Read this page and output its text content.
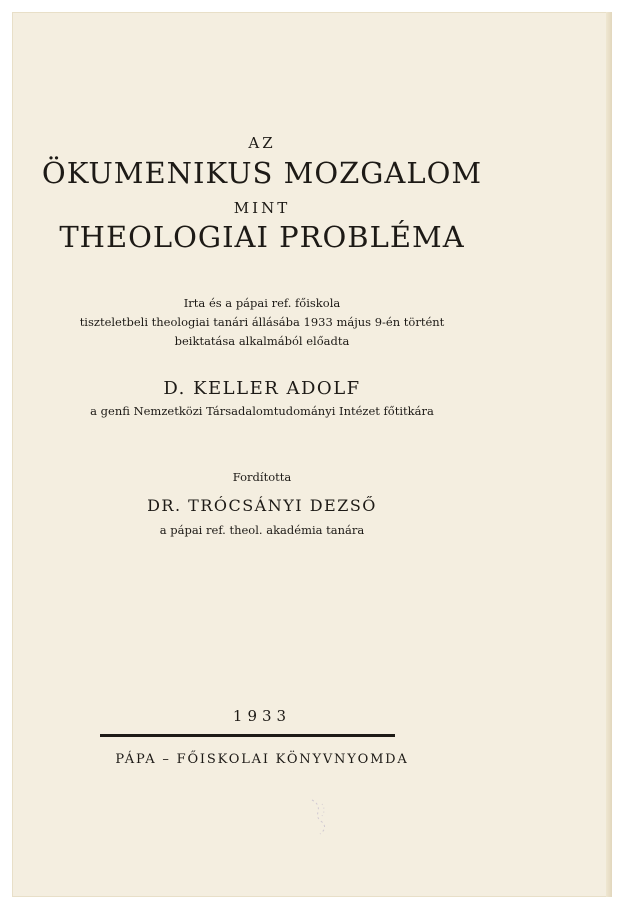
AZ
ÖKUMENIKUS MOZGALOM
MINT
THEOLOGIAI PROBLÉMA
Irta és a pápai ref. főiskola
tiszteletbeli theologiai tanári állásába 1933 május 9-én történt
beiktatása alkalmából előadta
D. KELLER ADOLF
a genfi Nemzetközi Társadalomtudományi Intézet főtitkára
Fordította
DR. TRÓCSÁNYI DEZSŐ
a pápai ref. theol. akadémia tanára
1933
PÁPA – FŐISKOLAI KÖNYVNYOMDA
